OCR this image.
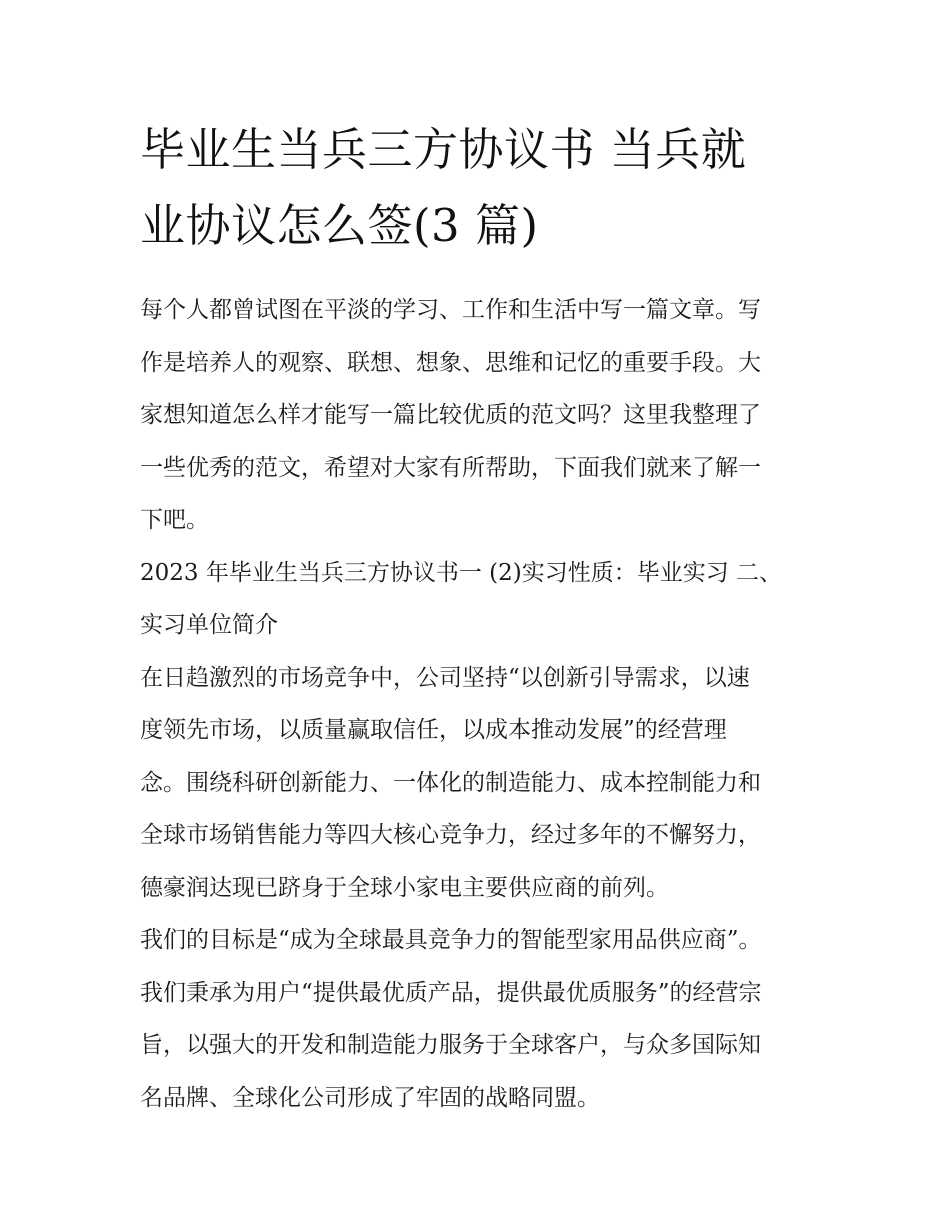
毕业生当兵三方协议书 当兵就
业协议怎么签(3 篇)
每个人都曾试图在平淡的学习、工作和生活中写一篇文章。写
作是培养人的观察、联想、想象、思维和记忆的重要手段。大
家想知道怎么样才能写一篇比较优质的范文吗？这里我整理了
一些优秀的范文，希望对大家有所帮助，下面我们就来了解一
下吧。
2023 年毕业生当兵三方协议书一 (2)实习性质：毕业实习 二、
实习单位简介
在日趋激烈的市场竞争中，公司坚持“以创新引导需求，以速
度领先市场，以质量赢取信任，以成本推动发展”的经营理
念。围绕科研创新能力、一体化的制造能力、成本控制能力和
全球市场销售能力等四大核心竞争力，经过多年的不懈努力，
德豪润达现已跻身于全球小家电主要供应商的前列。
我们的目标是“成为全球最具竞争力的智能型家用品供应商”。
我们秉承为用户“提供最优质产品，提供最优质服务”的经营宗
旨，以强大的开发和制造能力服务于全球客户，与众多国际知
名品牌、全球化公司形成了牢固的战略同盟。
